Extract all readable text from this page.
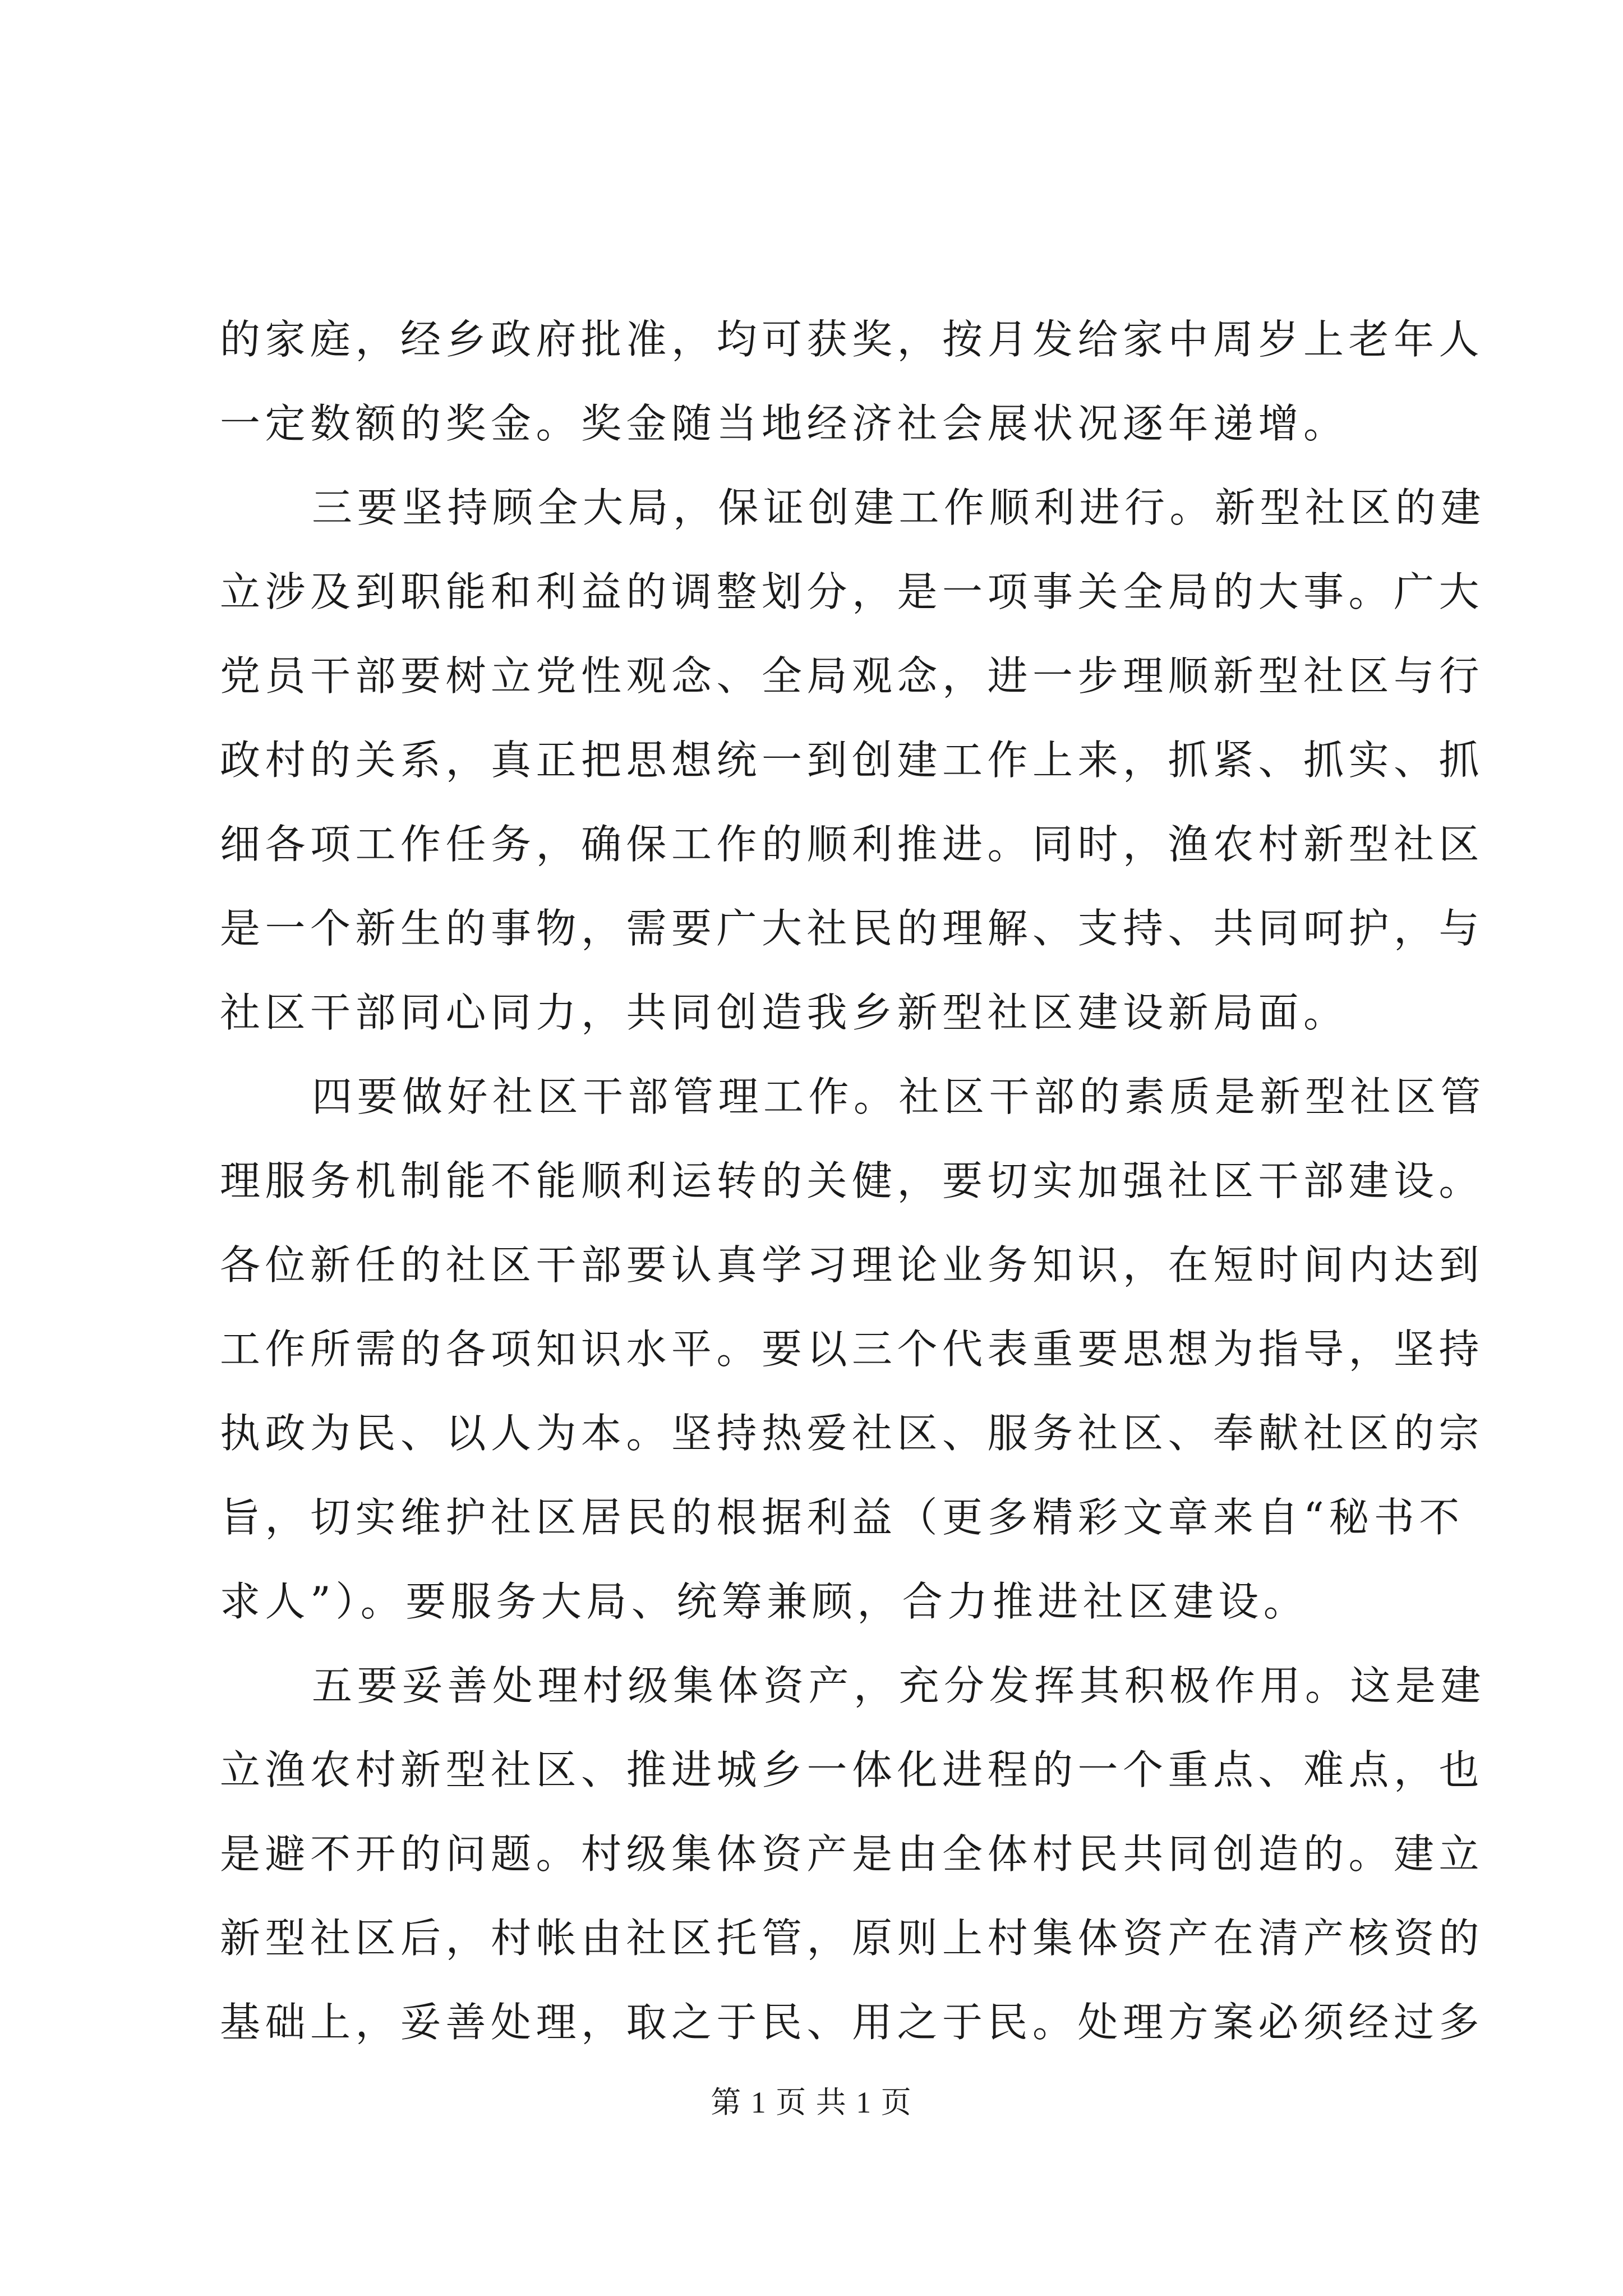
的家庭，经乡政府批准，均可获奖，按月发给家中周岁上老年人
一定数额的奖金。奖金随当地经济社会展状况逐年递增。
三要坚持顾全大局，保证创建工作顺利进行。新型社区的建
立涉及到职能和利益的调整划分，是一项事关全局的大事。广大
党员干部要树立党性观念、全局观念，进一步理顺新型社区与行
政村的关系，真正把思想统一到创建工作上来，抓紧、抓实、抓
细各项工作任务，确保工作的顺利推进。同时，渔农村新型社区
是一个新生的事物，需要广大社民的理解、支持、共同呵护，与
社区干部同心同力，共同创造我乡新型社区建设新局面。
四要做好社区干部管理工作。社区干部的素质是新型社区管
理服务机制能不能顺利运转的关健，要切实加强社区干部建设。
各位新任的社区干部要认真学习理论业务知识，在短时间内达到
工作所需的各项知识水平。要以三个代表重要思想为指导，坚持
执政为民、以人为本。坚持热爱社区、服务社区、奉献社区的宗
旨，切实维护社区居民的根据利益（更多精彩文章来自“秘书不
求人”）。要服务大局、统筹兼顾，合力推进社区建设。
五要妥善处理村级集体资产，充分发挥其积极作用。这是建
立渔农村新型社区、推进城乡一体化进程的一个重点、难点，也
是避不开的问题。村级集体资产是由全体村民共同创造的。建立
新型社区后，村帐由社区托管，原则上村集体资产在清产核资的
基础上，妥善处理，取之于民、用之于民。处理方案必须经过多
第 1 页 共 1 页
